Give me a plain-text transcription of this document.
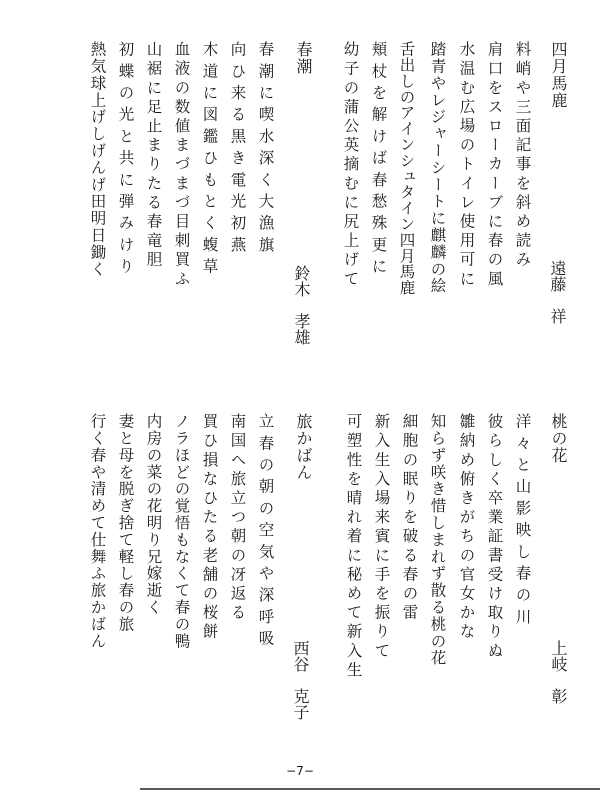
四月馬鹿
遠藤　祥
料峭や三面記事を斜め読み
肩口をスローカーブに春の風
水温む広場のトイレ使用可に
踏青やレジャーシートに麒麟の絵
舌出しのアインシュタイン四月馬鹿
頬杖を解けば春愁殊更に
幼子の蒲公英摘むに尻上げて
春潮
鈴木　孝雄
春潮に喫水深く大漁旗
向ひ来る黒き電光初燕
木道に図鑑ひもとく蝮草
血液の数値まづまづ目刺買ふ
山裾に足止まりたる春竜胆
初蝶の光と共に弾みけり
熱気球上げしげんげ田明日鋤く
桃の花
上岐　彰
洋々と山影映し春の川
彼らしく卒業証書受け取りぬ
雛納め俯きがちの官女かな
知らず咲き惜しまれず散る桃の花
細胞の眠りを破る春の雷
新入生入場来賓に手を振りて
可塑性を晴れ着に秘めて新入生
旅かばん
西谷　克子
立春の朝の空気や深呼吸
南国へ旅立つ朝の冴返る
買ひ損なひたる老舗の桜餅
ノラほどの覚悟もなくて春の鴨
内房の菜の花明り兄嫁逝く
妻と母を脱ぎ捨て軽し春の旅
行く春や清めて仕舞ふ旅かばん
−7−
